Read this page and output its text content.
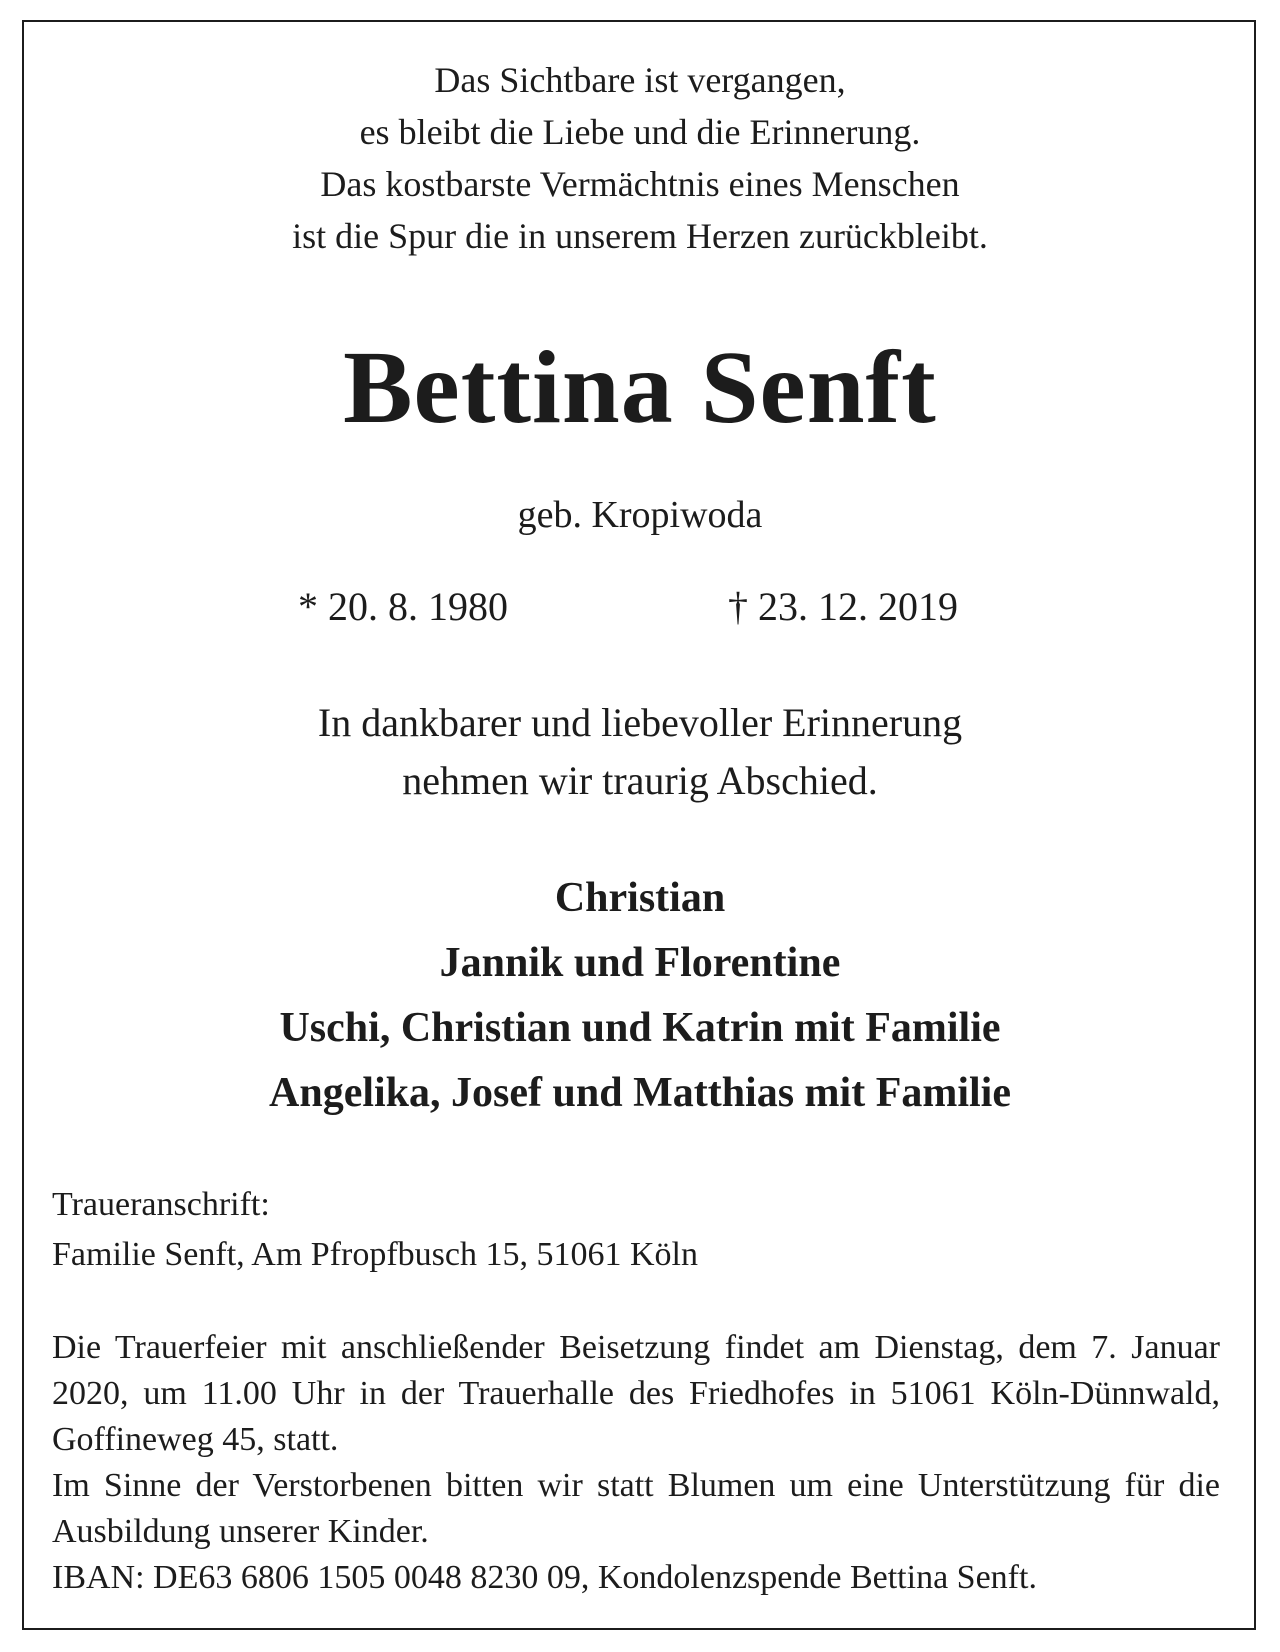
Das Sichtbare ist vergangen,
es bleibt die Liebe und die Erinnerung.
Das kostbarste Vermächtnis eines Menschen
ist die Spur die in unserem Herzen zurückbleibt.
Bettina Senft
geb. Kropiwoda
* 20. 8. 1980	† 23. 12. 2019
In dankbarer und liebevoller Erinnerung
nehmen wir traurig Abschied.
Christian
Jannik und Florentine
Uschi, Christian und Katrin mit Familie
Angelika, Josef und Matthias mit Familie
Traueranschrift:
Familie Senft, Am Pfropfbusch 15, 51061 Köln
Die Trauerfeier mit anschließender Beisetzung findet am Dienstag, dem 7. Januar 2020, um 11.00 Uhr in der Trauerhalle des Friedhofes in 51061 Köln-Dünnwald, Goffineweg 45, statt.
Im Sinne der Verstorbenen bitten wir statt Blumen um eine Unterstützung für die Ausbildung unserer Kinder.
IBAN: DE63 6806 1505 0048 8230 09, Kondolenzspende Bettina Senft.
